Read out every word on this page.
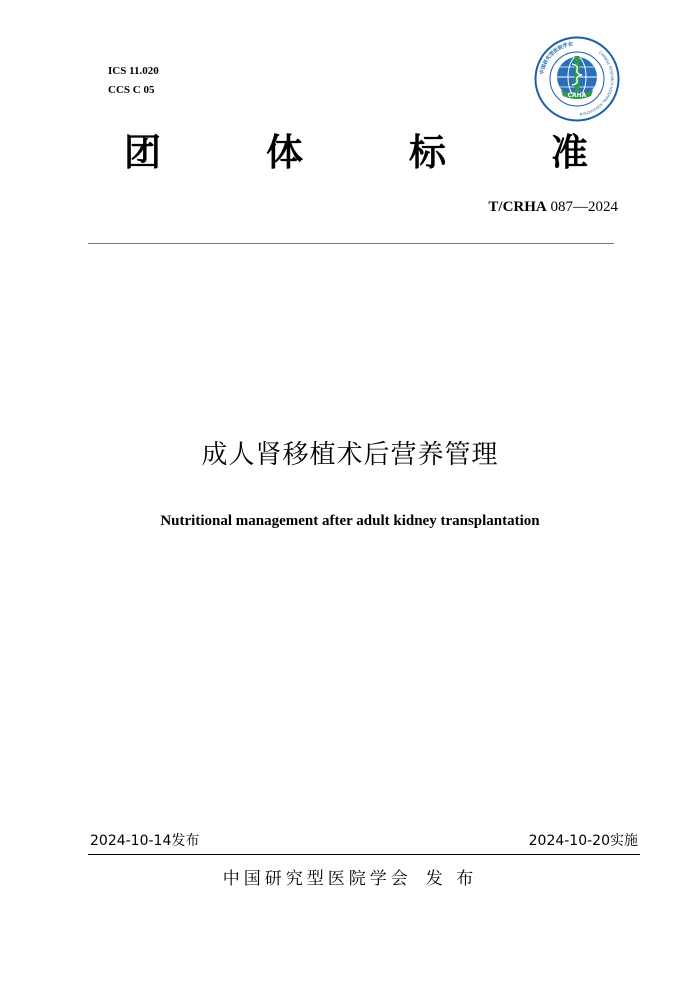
ICS 11.020
CCS C 05
中国研究型医院学会
CHINESE RESEARCH HOSPITAL ASSOCIATION
CRHA
团	体	标	准
T/CRHA 087—2024
成人肾移植术后营养管理
Nutritional management after adult kidney transplantation
2024-10-14发布	2024-10-20实施
中国研究型医院学会 发 布
